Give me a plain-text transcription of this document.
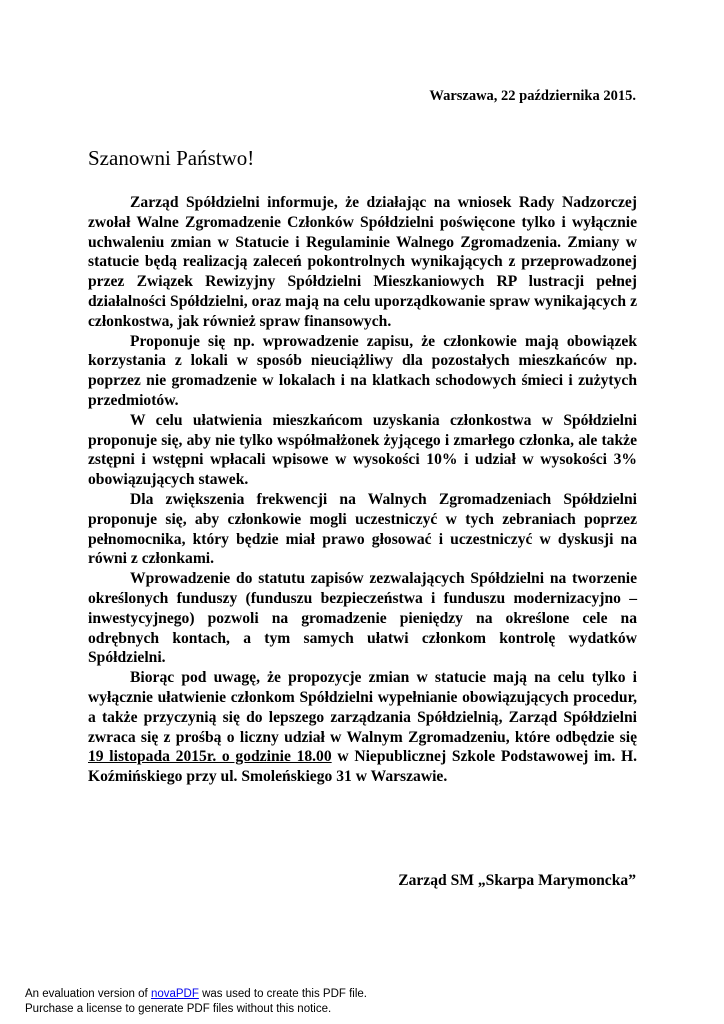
Warszawa, 22 października 2015.
Szanowni Państwo!

Zarząd Spółdzielni informuje, że działając na wniosek Rady Nadzorczej zwołał Walne Zgromadzenie Członków Spółdzielni poświęcone tylko i wyłącznie uchwaleniu zmian w Statucie i Regulaminie Walnego Zgromadzenia. Zmiany w statucie będą realizacją zaleceń pokontrolnych wynikających z przeprowadzonej przez Związek Rewizyjny Spółdzielni Mieszkaniowych RP lustracji pełnej działalności Spółdzielni, oraz mają na celu uporządkowanie spraw wynikających z członkostwa, jak również spraw finansowych.

Proponuje się np. wprowadzenie zapisu, że członkowie mają obowiązek korzystania z lokali w sposób nieuciążliwy dla pozostałych mieszkańców np. poprzez nie gromadzenie w lokalach i na klatkach schodowych śmieci i zużytych przedmiotów.

W celu ułatwienia mieszkańcom uzyskania członkostwa w Spółdzielni proponuje się, aby nie tylko współmałżonek żyjącego i zmarłego członka, ale także zstępni i wstępni wpłacali wpisowe w wysokości 10% i udział w wysokości 3% obowiązujących stawek.

Dla zwiększenia frekwencji na Walnych Zgromadzeniach Spółdzielni proponuje się, aby członkowie mogli uczestniczyć w tych zebraniach poprzez pełnomocnika, który będzie miał prawo głosować i uczestniczyć w dyskusji na równi z członkami.

Wprowadzenie do statutu zapisów zezwalających Spółdzielni na tworzenie określonych funduszy (funduszu bezpieczeństwa i funduszu modernizacyjno – inwestycyjnego) pozwoli na gromadzenie pieniędzy na określone cele na odrębnych kontach, a tym samych ułatwi członkom kontrolę wydatków Spółdzielni.

Biorąc pod uwagę, że propozycje zmian w statucie mają na celu tylko i wyłącznie ułatwienie członkom Spółdzielni wypełnianie obowiązujących procedur, a także przyczynią się do lepszego zarządzania Spółdzielnią, Zarząd Spółdzielni zwraca się z prośbą o liczny udział w Walnym Zgromadzeniu, które odbędzie się 19 listopada 2015r. o godzinie 18.00 w Niepublicznej Szkole Podstawowej im. H. Koźmińskiego przy ul. Smoleńskiego 31 w Warszawie.

Zarząd SM „Skarpa Marymoncka”
An evaluation version of novaPDF was used to create this PDF file.
Purchase a license to generate PDF files without this notice.
